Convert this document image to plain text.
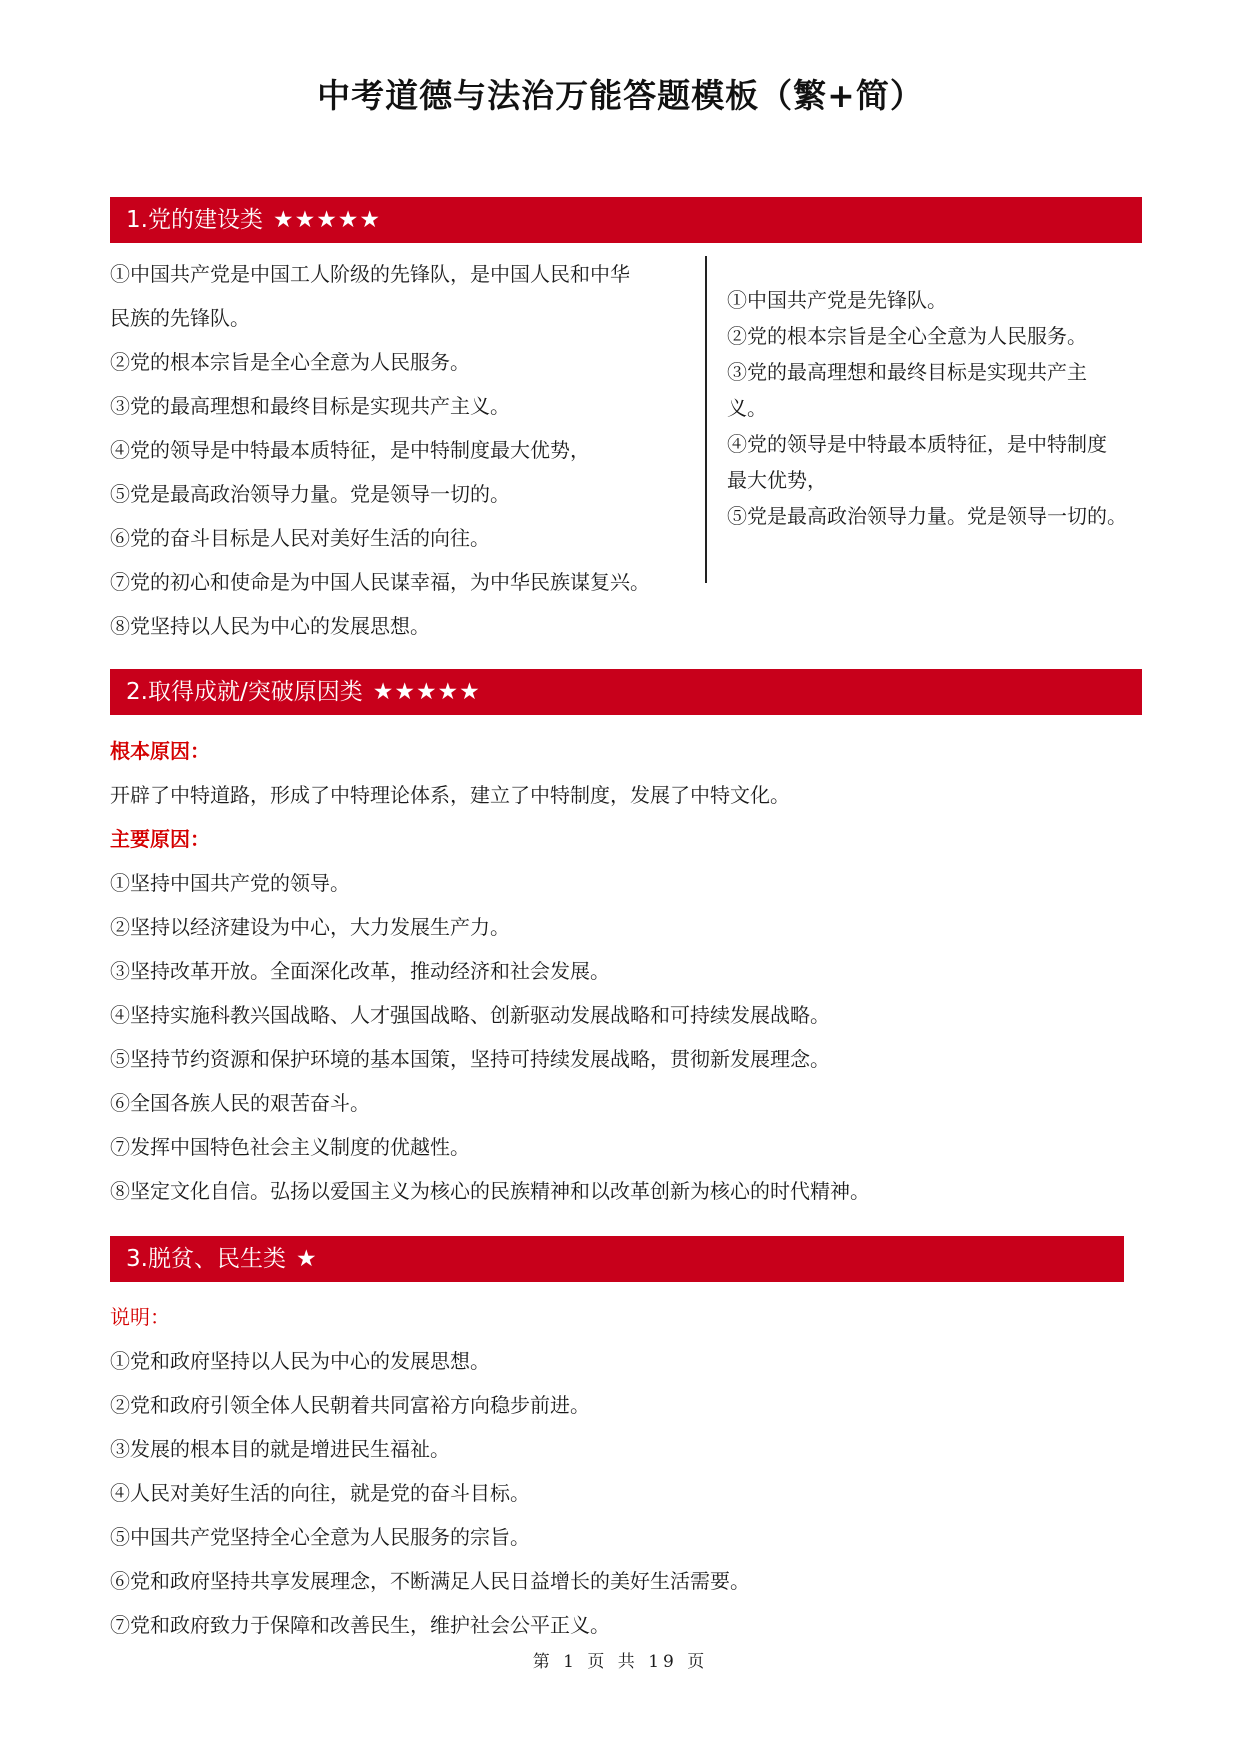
中考道德与法治万能答题模板（繁+简）
1.党的建设类 ★★★★★
①中国共产党是中国工人阶级的先锋队，是中国人民和中华
民族的先锋队。
②党的根本宗旨是全心全意为人民服务。
③党的最高理想和最终目标是实现共产主义。
④党的领导是中特最本质特征，是中特制度最大优势，
⑤党是最高政治领导力量。党是领导一切的。
⑥党的奋斗目标是人民对美好生活的向往。
⑦党的初心和使命是为中国人民谋幸福，为中华民族谋复兴。
⑧党坚持以人民为中心的发展思想。
①中国共产党是先锋队。
②党的根本宗旨是全心全意为人民服务。
③党的最高理想和最终目标是实现共产主
义。
④党的领导是中特最本质特征，是中特制度
最大优势，
⑤党是最高政治领导力量。党是领导一切的。
2.取得成就/突破原因类 ★★★★★
根本原因：
开辟了中特道路，形成了中特理论体系，建立了中特制度，发展了中特文化。
主要原因：
①坚持中国共产党的领导。
②坚持以经济建设为中心，大力发展生产力。
③坚持改革开放。全面深化改革，推动经济和社会发展。
④坚持实施科教兴国战略、人才强国战略、创新驱动发展战略和可持续发展战略。
⑤坚持节约资源和保护环境的基本国策，坚持可持续发展战略，贯彻新发展理念。
⑥全国各族人民的艰苦奋斗。
⑦发挥中国特色社会主义制度的优越性。
⑧坚定文化自信。弘扬以爱国主义为核心的民族精神和以改革创新为核心的时代精神。
3.脱贫、民生类 ★
说明：
①党和政府坚持以人民为中心的发展思想。
②党和政府引领全体人民朝着共同富裕方向稳步前进。
③发展的根本目的就是增进民生福祉。
④人民对美好生活的向往，就是党的奋斗目标。
⑤中国共产党坚持全心全意为人民服务的宗旨。
⑥党和政府坚持共享发展理念，不断满足人民日益增长的美好生活需要。
⑦党和政府致力于保障和改善民生，维护社会公平正义。
第 1 页 共 19 页
